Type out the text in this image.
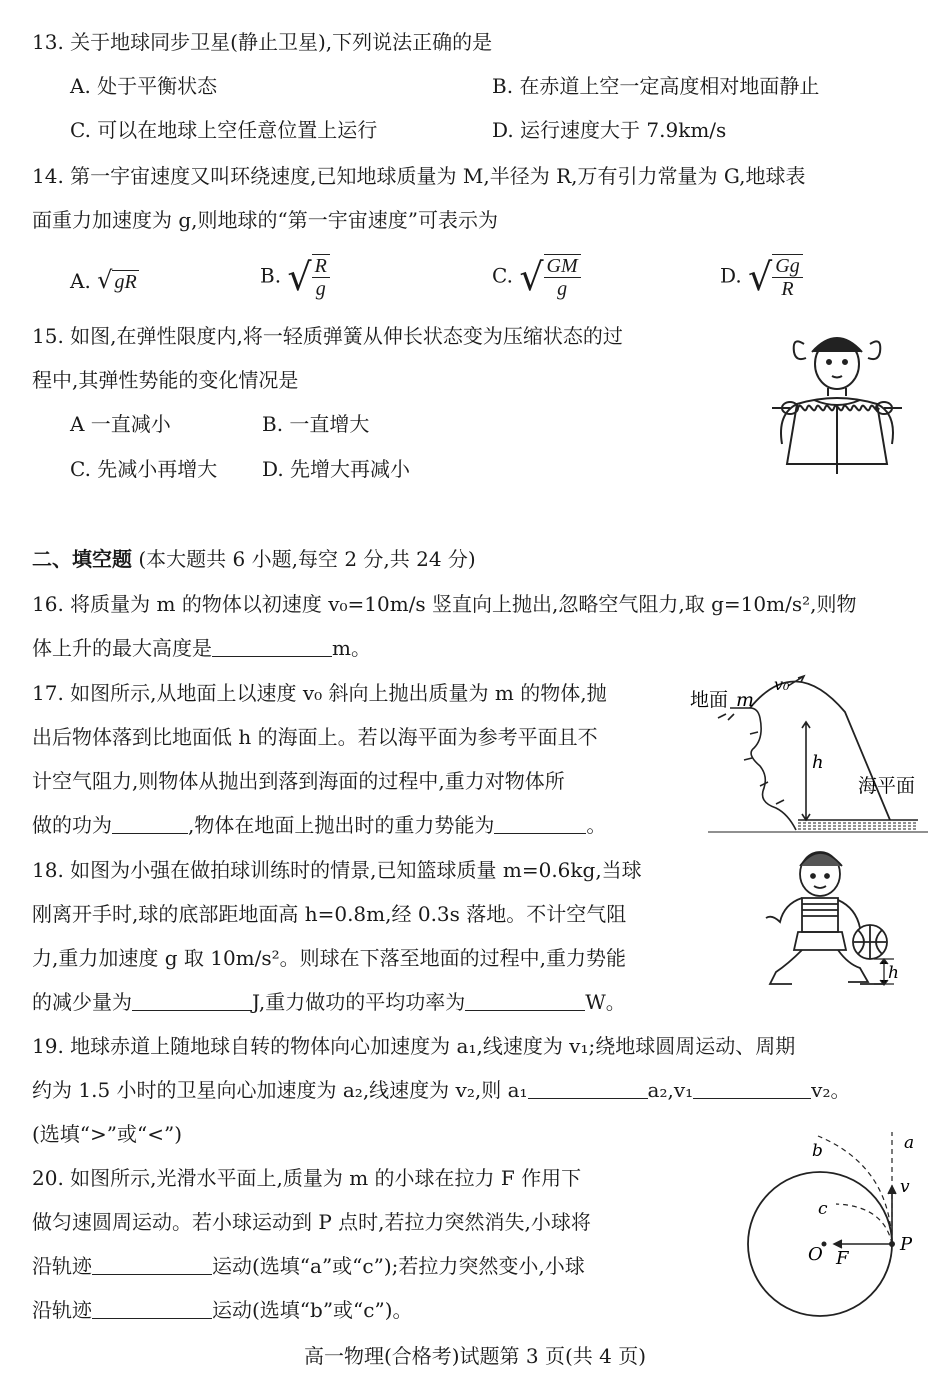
13. 关于地球同步卫星(静止卫星),下列说法正确的是
A. 处于平衡状态	B. 在赤道上空一定高度相对地面静止
C. 可以在地球上空任意位置上运行	D. 运行速度大于 7.9km/s
14. 第一宇宙速度又叫环绕速度,已知地球质量为 M,半径为 R,万有引力常量为 G,地球表
面重力加速度为 g,则地球的“第一宇宙速度”可表示为
A. √ gR	B. √ $\frac{R}{g}$	C. √ $\frac{GM}{g}$	D. √ $\frac{Gg}{R}$
15. 如图,在弹性限度内,将一轻质弹簧从伸长状态变为压缩状态的过
程中,其弹性势能的变化情况是
A 一直减小	B. 一直增大
C. 先减小再增大 D. 先增大再减小
二、填空题 (本大题共 6 小题,每空 2 分,共 24 分)
16. 将质量为 m 的物体以初速度 v₀=10m/s 竖直向上抛出,忽略空气阻力,取 g=10m/s²,则物
体上升的最大高度是	m。
17. 如图所示,从地面上以速度 v₀ 斜向上抛出质量为 m 的物体,抛
出后物体落到比地面低 h 的海面上。若以海平面为参考平面且不
计空气阻力,则物体从抛出到落到海面的过程中,重力对物体所
做的功为	,物体在地面上抛出时的重力势能为	。
地面 m
v₀
h
海平面
18. 如图为小强在做拍球训练时的情景,已知篮球质量 m=0.6kg,当球
刚离开手时,球的底部距地面高 h=0.8m,经 0.3s 落地。不计空气阻
力,重力加速度 g 取 10m/s²。则球在下落至地面的过程中,重力势能
的减少量为	J,重力做功的平均功率为	W。
h
19. 地球赤道上随地球自转的物体向心加速度为 a₁,线速度为 v₁;绕地球圆周运动、周期
约为 1.5 小时的卫星向心加速度为 a₂,线速度为 v₂,则 a₁	a₂,v₁	v₂。
(选填“>”或“<”)
20. 如图所示,光滑水平面上,质量为 m 的小球在拉力 F 作用下
做匀速圆周运动。若小球运动到 P 点时,若拉力突然消失,小球将
沿轨迹	运动(选填“a”或“c”);若拉力突然变小,小球
沿轨迹	运动(选填“b”或“c”)。
a
b
c
v
O F
P
高一物理(合格考)试题第 3 页(共 4 页)
